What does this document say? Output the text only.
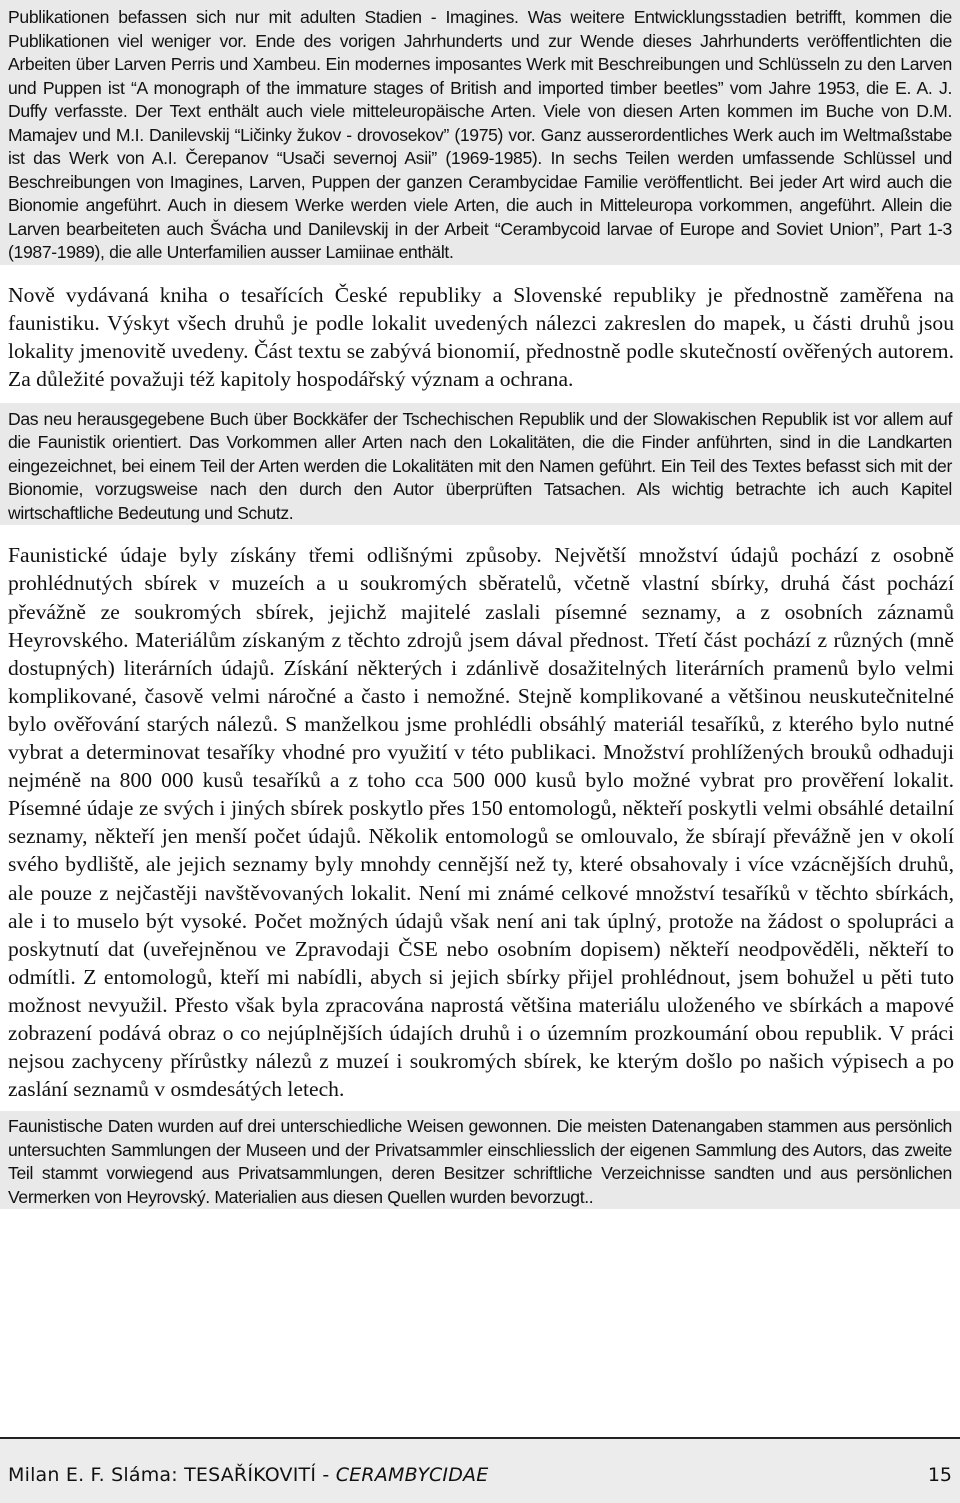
Publikationen befassen sich nur mit adulten Stadien - Imagines. Was weitere Entwicklungsstadien betrifft, kommen die Publikationen viel weniger vor. Ende des vorigen Jahrhunderts und zur Wende dieses Jahrhunderts veröffentlichten die Arbeiten über Larven Perris und Xambeu. Ein modernes imposantes Werk mit Beschreibungen und Schlüsseln zu den Larven und Puppen ist “A monograph of the immature stages of British and imported timber beetles” vom Jahre 1953, die E. A. J. Duffy verfasste. Der Text enthält auch viele mitteleuropäische Arten. Viele von diesen Arten kommen im Buche von D.M. Mamajev und M.I. Danilevskij “Ličinky žukov - drovosekov” (1975) vor. Ganz ausserordentliches Werk auch im Weltmaßstabe ist das Werk von A.I. Čerepanov “Usači severnoj Asii” (1969-1985). In sechs Teilen werden umfassende Schlüssel und Beschreibungen von Imagines, Larven, Puppen der ganzen Cerambycidae Familie veröffentlicht. Bei jeder Art wird auch die Bionomie angeführt. Auch in diesem Werke werden viele Arten, die auch in Mitteleuropa vorkommen, angeführt. Allein die Larven bearbeiteten auch Švácha und Danilevskij in der Arbeit “Cerambycoid larvae of Europe and Soviet Union”, Part 1-3 (1987-1989), die alle Unterfamilien ausser Lamiinae enthält.

Nově vydávaná kniha o tesařících České republiky a Slovenské republiky je přednostně zaměřena na faunistiku. Výskyt všech druhů je podle lokalit uvedených nálezci zakreslen do mapek, u části druhů jsou lokality jmenovitě uvedeny. Část textu se zabývá bionomií, přednostně podle skutečností ověřených autorem. Za důležité považuji též kapitoly hospodářský význam a ochrana.

Das neu herausgegebene Buch über Bockkäfer der Tschechischen Republik und der Slowakischen Republik ist vor allem auf die Faunistik orientiert. Das Vorkommen aller Arten nach den Lokalitäten, die die Finder anführten, sind in die Landkarten eingezeichnet, bei einem Teil der Arten werden die Lokalitäten mit den Namen geführt. Ein Teil des Textes befasst sich mit der Bionomie, vorzugsweise nach den durch den Autor überprüften Tatsachen. Als wichtig betrachte ich auch Kapitel wirtschaftliche Bedeutung und Schutz.

Faunistické údaje byly získány třemi odlišnými způsoby. Největší množství údajů pochází z osobně prohlédnutých sbírek v muzeích a u soukromých sběratelů, včetně vlastní sbírky, druhá část pochází převážně ze soukromých sbírek, jejichž majitelé zaslali písemné seznamy, a z osobních záznamů Heyrovského. Materiálům získaným z těchto zdrojů jsem dával přednost. Třetí část pochází z různých (mně dostupných) literárních údajů. Získání některých i zdánlivě dosažitelných literárních pramenů bylo velmi komplikované, časově velmi náročné a často i nemožné. Stejně komplikované a většinou neuskutečnitelné bylo ověřování starých nálezů. S manželkou jsme prohlédli obsáhlý materiál tesaříků, z kterého bylo nutné vybrat a determinovat tesaříky vhodné pro využití v této publikaci. Množství prohlížených brouků odhaduji nejméně na 800 000 kusů tesaříků a z toho cca 500 000 kusů bylo možné vybrat pro prověření lokalit. Písemné údaje ze svých i jiných sbírek poskytlo přes 150 entomologů, někteří poskytli velmi obsáhlé detailní seznamy, někteří jen menší počet údajů. Několik entomologů se omlouvalo, že sbírají převážně jen v okolí svého bydliště, ale jejich seznamy byly mnohdy cennější než ty, které obsahovaly i více vzácnějších druhů, ale pouze z nejčastěji navštěvovaných lokalit. Není mi známé celkové množství tesaříků v těchto sbírkách, ale i to muselo být vysoké. Počet možných údajů však není ani tak úplný, protože na žádost o spolupráci a poskytnutí dat (uveřejněnou ve Zpravodaji ČSE nebo osobním dopisem) někteří neodpověděli, někteří to odmítli. Z entomologů, kteří mi nabídli, abych si jejich sbírky přijel prohlédnout, jsem bohužel u pěti tuto možnost nevyužil. Přesto však byla zpracována naprostá většina materiálu uloženého ve sbírkách a mapové zobrazení podává obraz o co nejúplnějších údajích druhů i o územním prozkoumání obou republik. V práci nejsou zachyceny přírůstky nálezů z muzeí i soukromých sbírek, ke kterým došlo po našich výpisech a po zaslání seznamů v osmdesátých letech.

Faunistische Daten wurden auf drei unterschiedliche Weisen gewonnen. Die meisten Datenangaben stammen aus persönlich untersuchten Sammlungen der Museen und der Privatsammler einschliesslich der eigenen Sammlung des Autors, das zweite Teil stammt vorwiegend aus Privatsammlungen, deren Besitzer schriftliche Verzeichnisse sandten und aus persönlichen Vermerken von Heyrovský. Materialien aus diesen Quellen wurden bevorzugt..

Milan E. F. Sláma: TESAŘÍKOVITÍ - CERAMBYCIDAE	15
